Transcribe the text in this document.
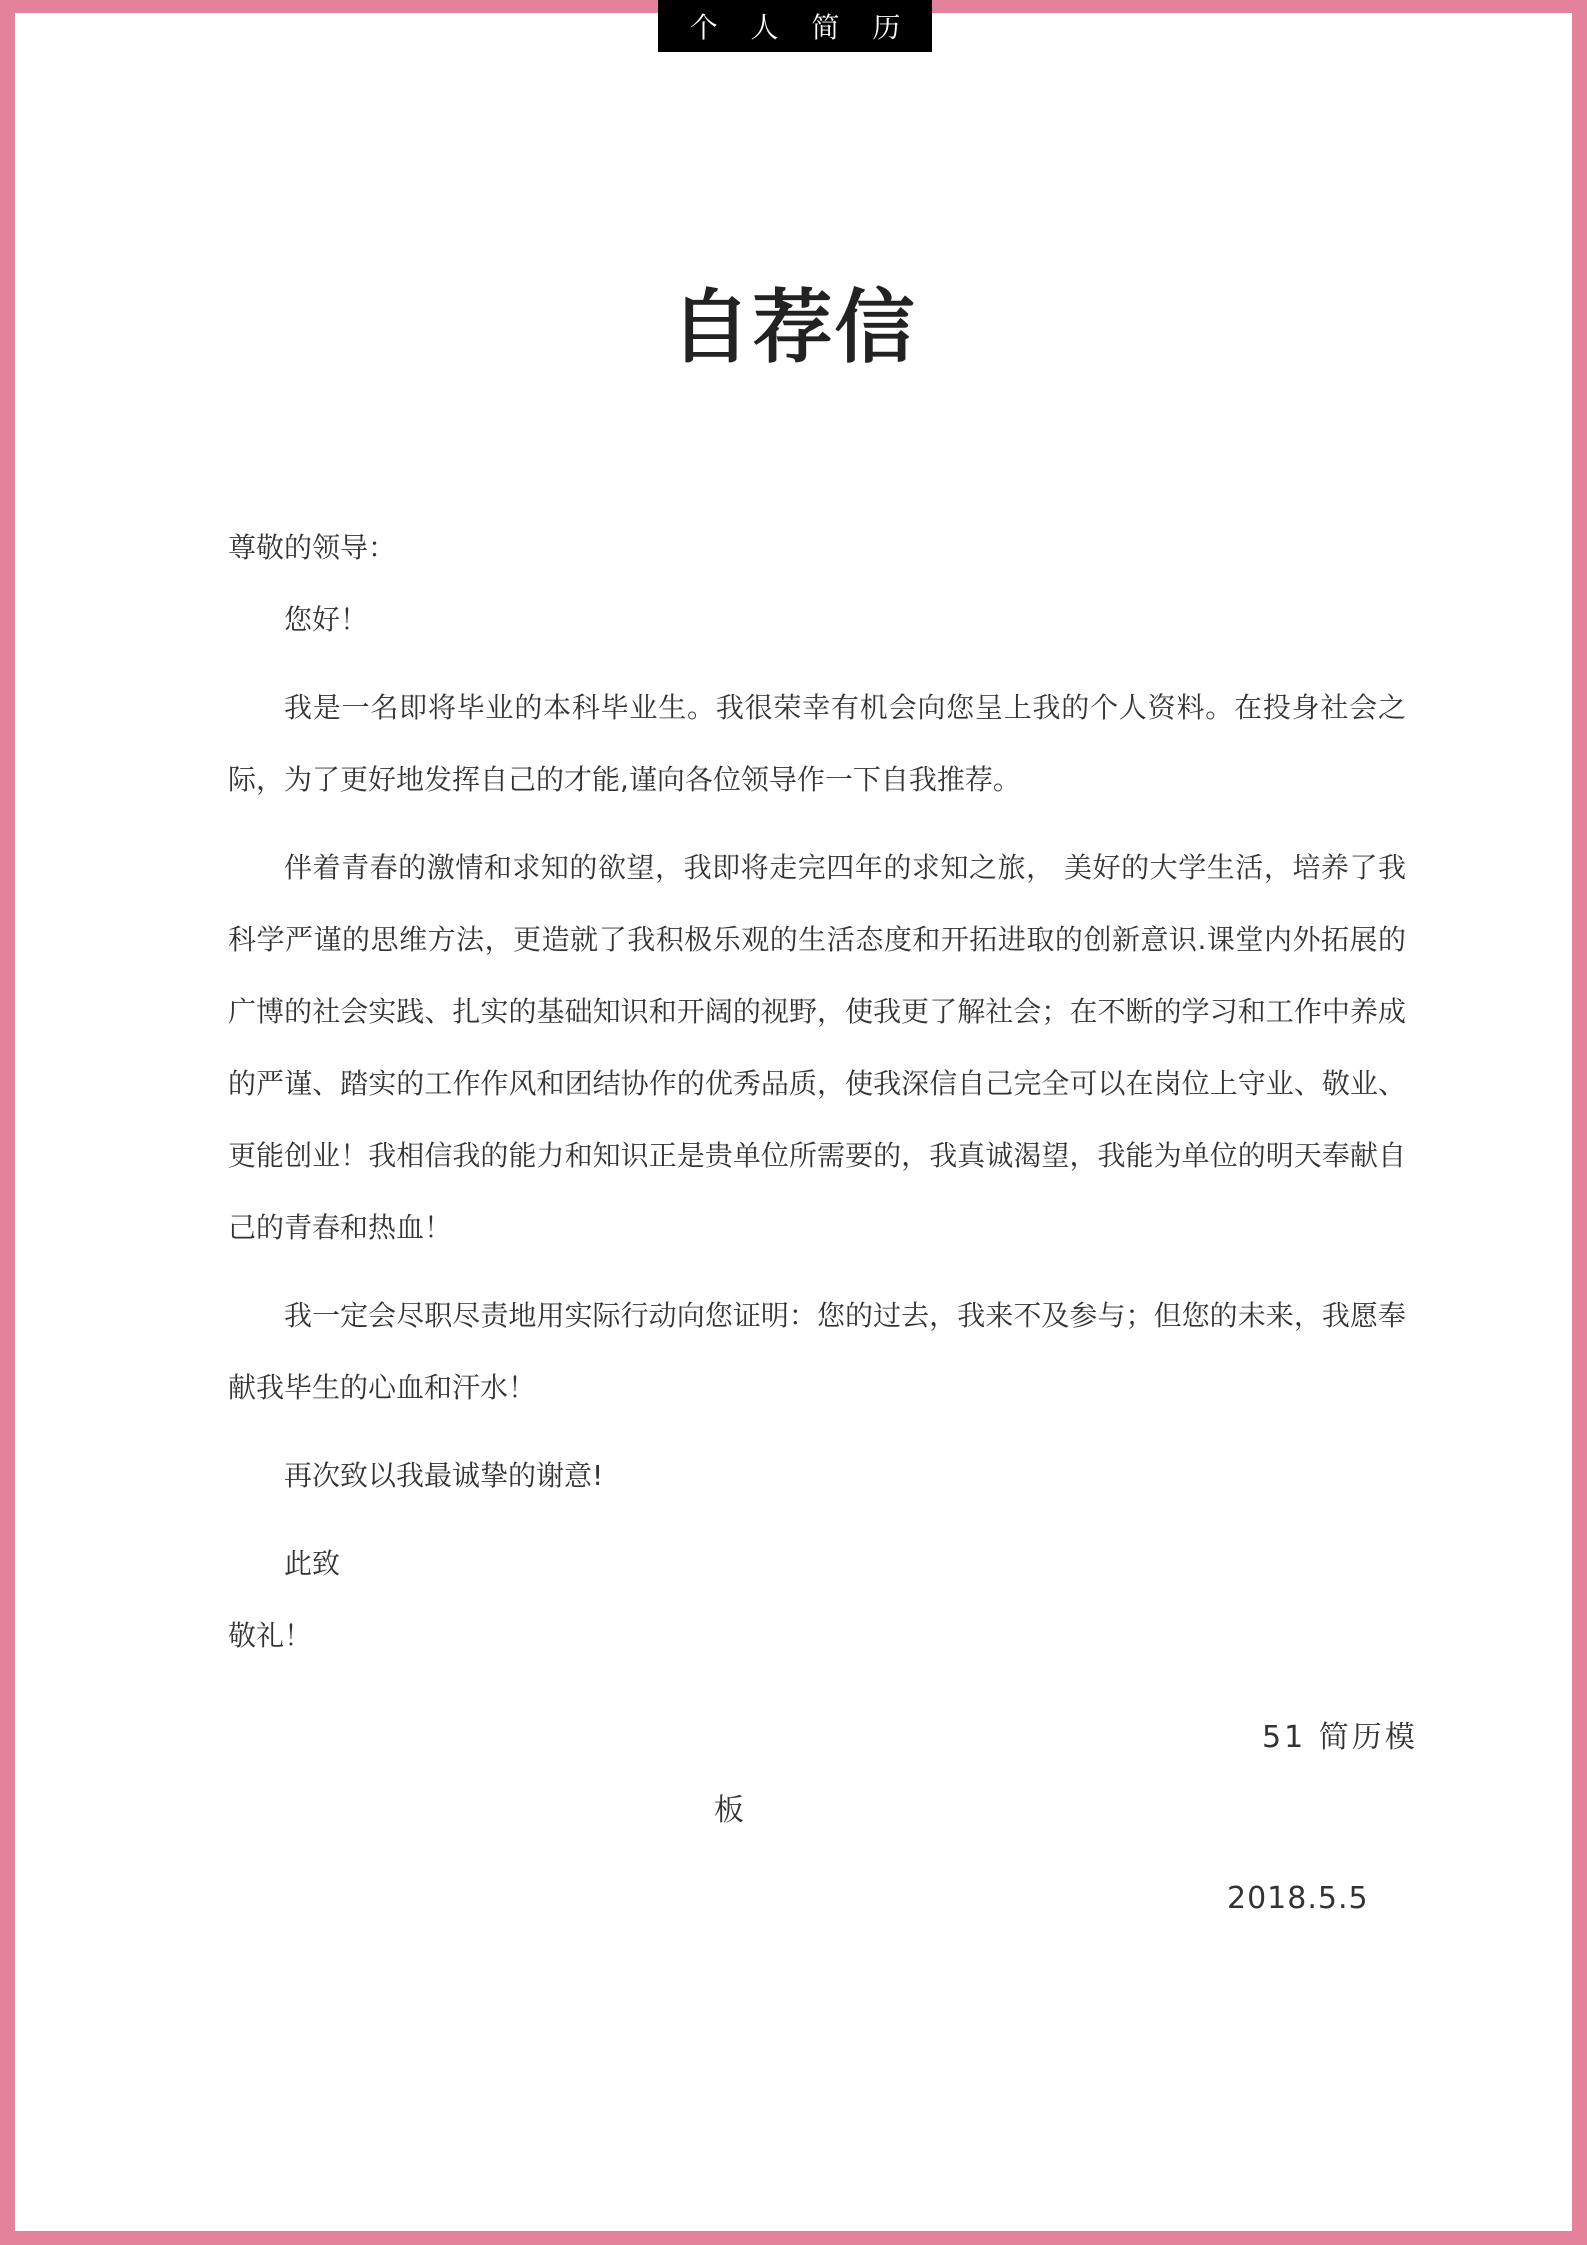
个 人 简 历
自荐信

尊敬的领导：

您好！

我是一名即将毕业的本科毕业生。我很荣幸有机会向您呈上我的个人资料。在投身社会之际，为了更好地发挥自己的才能,谨向各位领导作一下自我推荐。

伴着青春的激情和求知的欲望，我即将走完四年的求知之旅， 美好的大学生活，培养了我科学严谨的思维方法，更造就了我积极乐观的生活态度和开拓进取的创新意识.课堂内外拓展的广博的社会实践、扎实的基础知识和开阔的视野，使我更了解社会；在不断的学习和工作中养成的严谨、踏实的工作作风和团结协作的优秀品质，使我深信自己完全可以在岗位上守业、敬业、更能创业！我相信我的能力和知识正是贵单位所需要的，我真诚渴望，我能为单位的明天奉献自己的青春和热血！

我一定会尽职尽责地用实际行动向您证明：您的过去，我来不及参与；但您的未来，我愿奉献我毕生的心血和汗水！

再次致以我最诚挚的谢意!

此致

敬礼！

51 简历模
板
2018.5.5
